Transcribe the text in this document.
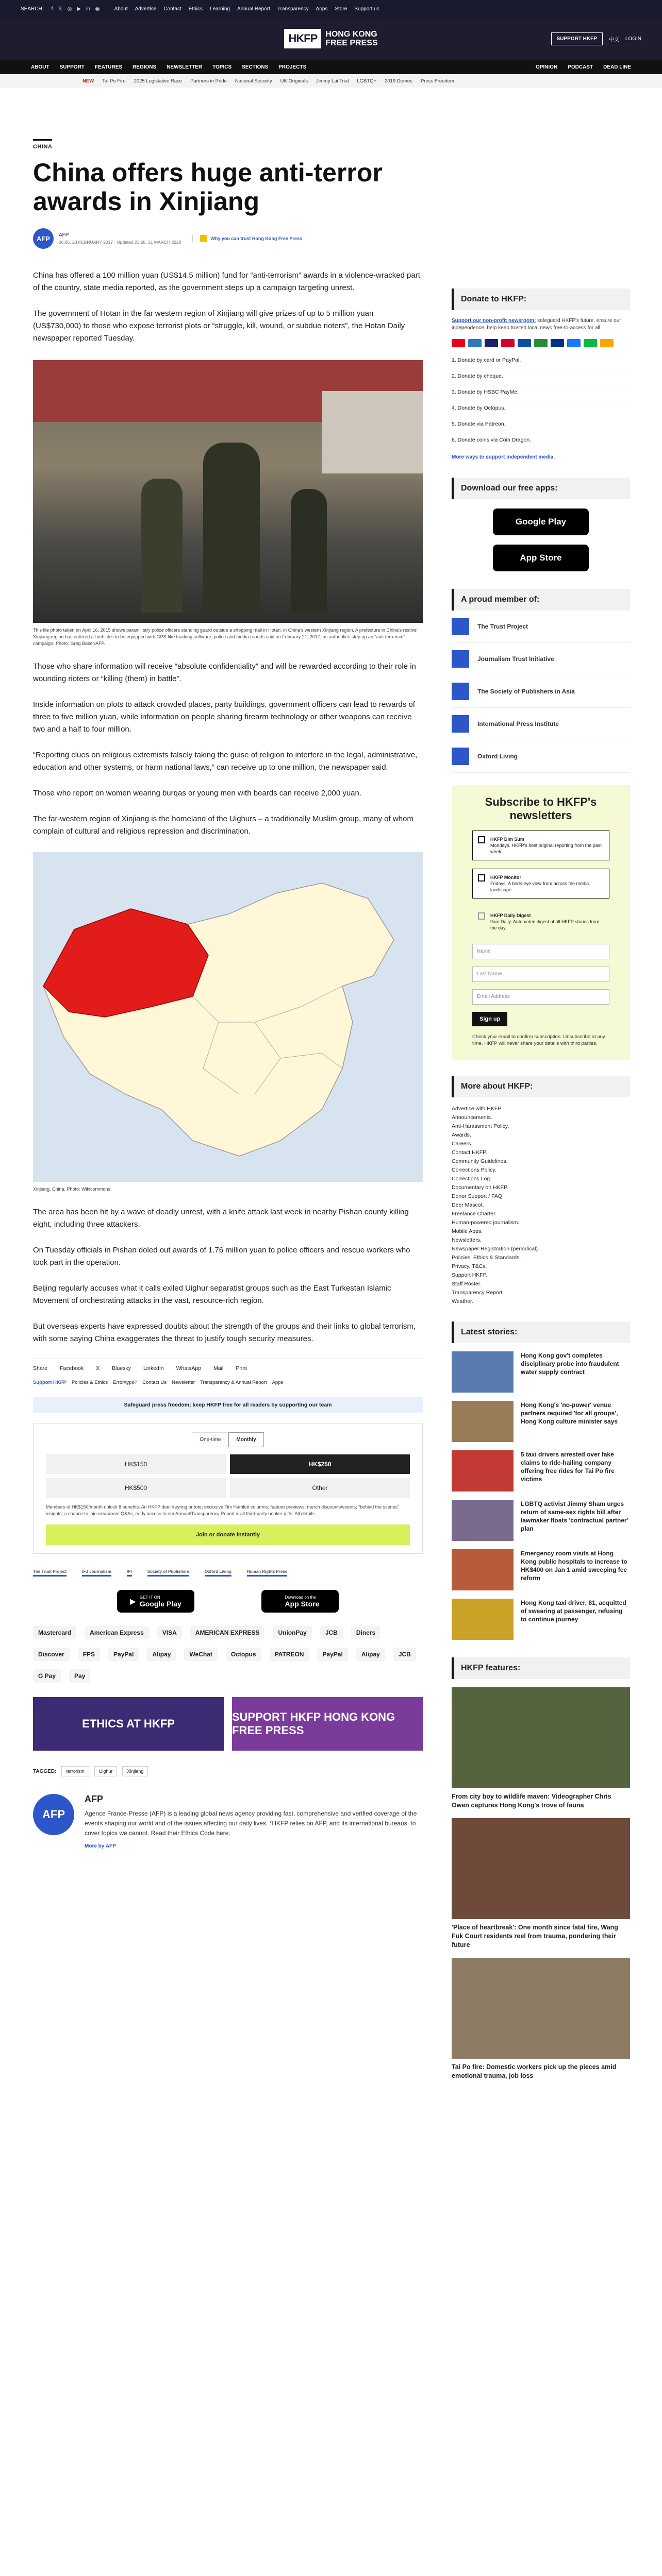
SEARCH f 𝕏 ◎ ▶ in ◉	About Advertise Contact Ethics Learning Annual Report Transparency Apps Store Support us
HKFP	HONG KONG
FREE PRESS	SUPPORT HKFP	中文 LOGIN
ABOUT SUPPORT FEATURES REGIONS NEWSLETTER TOPICS SECTIONS PROJECTS	OPINION PODCAST DEAD LINE
NEW Tai Po Fire 2025 Legislative Race Partners in Pride National Security UK Originals Jimmy Lai Trial LGBTQ+ 2019 Demos Press Freedom
CHINA
China offers huge anti-terror awards in Xinjiang
AFP	AFP
06:05, 23 FEBRUARY 2017 · Updated 23:55, 21 MARCH 2020
Why you can trust Hong Kong Free Press

China has offered a 100 million yuan (US$14.5 million) fund for “anti-terrorism” awards in a violence-wracked part of the country, state media reported, as the government steps up a campaign targeting unrest.

The government of Hotan in the far western region of Xinjiang will give prizes of up to 5 million yuan (US$730,000) to those who expose terrorist plots or “struggle, kill, wound, or subdue rioters”, the Hotan Daily newspaper reported Tuesday.

This file photo taken on April 16, 2015 shows paramilitary police officers standing guard outside a shopping mall in Hotan, in China's western Xinjiang region. A prefecture in China's restive Xinjiang region has ordered all vehicles to be equipped with GPS-like tracking software, police and media reports said on February 21, 2017, as authorities step up an “anti-terrorism” campaign. Photo: Greg Baker/AFP.

Those who share information will receive “absolute confidentiality” and will be rewarded according to their role in wounding rioters or “killing (them) in battle”.

Inside information on plots to attack crowded places, party buildings, government officers can lead to rewards of three to five million yuan, while information on people sharing firearm technology or other weapons can receive two and a half to four million.

“Reporting clues on religious extremists falsely taking the guise of religion to interfere in the legal, administrative, education and other systems, or harm national laws,” can receive up to one million, the newspaper said.

Those who report on women wearing burqas or young men with beards can receive 2,000 yuan.

The far-western region of Xinjiang is the homeland of the Uighurs – a traditionally Muslim group, many of whom complain of cultural and religious repression and discrimination.

Xinjiang, China. Photo: Wikicommons.

The area has been hit by a wave of deadly unrest, with a knife attack last week in nearby Pishan county killing eight, including three attackers.

On Tuesday officials in Pishan doled out awards of 1.76 million yuan to police officers and rescue workers who took part in the operation.

Beijing regularly accuses what it calls exiled Uighur separatist groups such as the East Turkestan Islamic Movement of orchestrating attacks in the vast, resource-rich region.

But overseas experts have expressed doubts about the strength of the groups and their links to global terrorism, with some saying China exaggerates the threat to justify tough security measures.

Share Facebook X Bluesky LinkedIn WhatsApp Mail Print
Support HKFP Policies & Ethics Error/typo? Contact Us Newsletter Transparency & Annual Report Apps
Safeguard press freedom; keep HKFP free for all readers by supporting our team
One-time	Monthly
HK$150	HK$250
HK$500	Other
Members of HK$150/month unlock 8 benefits: An HKFP deer keyring or tote; exclusive Tim Hamlett columns; feature previews; merch discounts/events; “behind the scenes” insights; a chance to join newsroom Q&As, early access to our Annual/Transparency Report & all third-party booker gifts. All details.
Join or donate instantly
The Trust Project	IFJ Journalism	IPI	Society of Publishers	Oxford Living	Human Rights Press
▶ GET IT ON
Google Play
Download on the
App Store
Mastercard	American Express	VISA	AMERICAN EXPRESS	UnionPay	JCB	Diners
Discover	FPS	PayPal	Alipay	WeChat	Octopus	PATREON	PayPal	Alipay	JCB
G Pay	Pay
ETHICS AT HKFP
SUPPORT HKFP HONG KONG FREE PRESS
TAGGED:	terrorism	Uighur	Xinjiang
AFP
AFP

Agence France-Presse (AFP) is a leading global news agency providing fast, comprehensive and verified coverage of the events shaping our world and of the issues affecting our daily lives. *HKFP relies on AFP, and its international bureaus, to cover topics we cannot. Read their Ethics Code here.

More by AFP
Donate to HKFP:

Support our non-profit newsroom: safeguard HKFP's future, ensure our independence, help keep trusted local news free-to-access for all.

1. Donate by card or PayPal.
2. Donate by cheque.
3. Donate by HSBC PayMe.
4. Donate by Octopus.
5. Donate via Patreon.
6. Donate coins via Coin Dragon.
More ways to support independent media.
Download our free apps:
Google Play
App Store
A proud member of:
The Trust Project
Journalism Trust Initiative
The Society of Publishers in Asia
International Press Institute
Oxford Living
Subscribe to HKFP's newsletters
HKFP Dim Sum
Mondays. HKFP's best original reporting from the past week.
HKFP Monitor
Fridays. A birds-eye view from across the media landscape.
HKFP Daily Digest
9am Daily. Automated digest of all HKFP stories from the day.
Name
Last Name
Email Address
Sign up
Check your email to confirm subscription. Unsubscribe at any time. HKFP will never share your details with third parties.
More about HKFP:
Advertise with HKFP.
Announcements.
Anti-Harassment Policy.
Awards.
Careers.
Contact HKFP.
Community Guidelines.
Corrections Policy.
Corrections Log.
Documentary on HKFP.
Donor Support / FAQ.
Deer Mascot.
Freelance Charter.
Human-powered journalism.
Mobile Apps.
Newsletters.
Newspaper Registration (periodical).
Policies, Ethics & Standards.
Privacy, T&Cs.
Support HKFP.
Staff Roster.
Transparency Report.
Weather.
Latest stories:
Hong Kong gov't completes disciplinary probe into fraudulent water supply contract
Hong Kong's 'no-power' venue partners required 'for all groups', Hong Kong culture minister says
5 taxi drivers arrested over fake claims to ride-hailing company offering free rides for Tai Po fire victims
LGBTQ activist Jimmy Sham urges return of same-sex rights bill after lawmaker floats 'contractual partner' plan
Emergency room visits at Hong Kong public hospitals to increase to HK$400 on Jan 1 amid sweeping fee reform
Hong Kong taxi driver, 81, acquitted of swearing at passenger, refusing to continue journey
HKFP features:
From city boy to wildlife maven: Videographer Chris Owen captures Hong Kong's trove of fauna
'Place of heartbreak': One month since fatal fire, Wang Fuk Court residents reel from trauma, pondering their future
Tai Po fire: Domestic workers pick up the pieces amid emotional trauma, job loss
